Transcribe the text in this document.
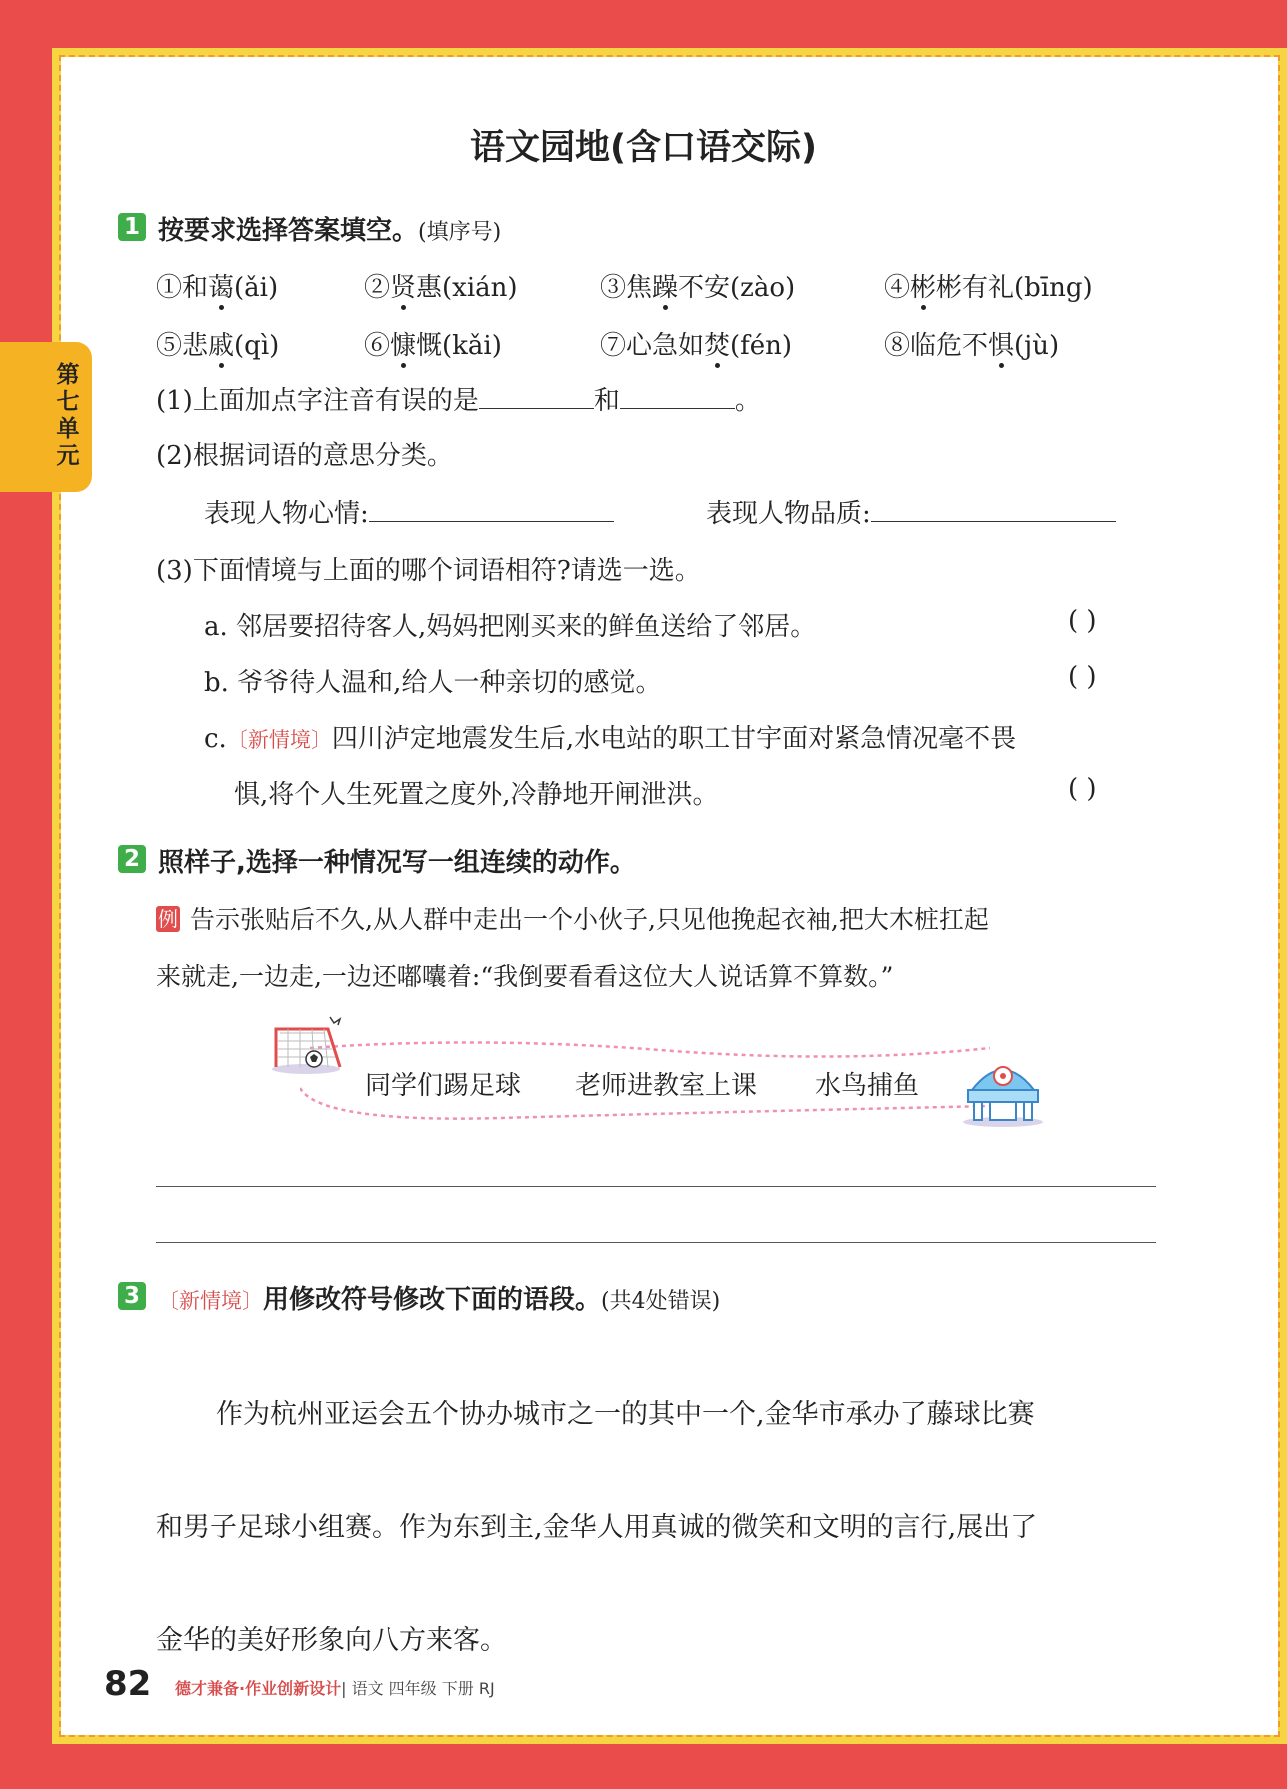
第七单元
语文园地(含口语交际)
1 按要求选择答案填空。(填序号)
①和蔼(ǎi)	②贤惠(xián)	③焦躁不安(zào)	④彬彬有礼(bīng)
⑤悲戚(qì)	⑥慷慨(kǎi)	⑦心急如焚(fén)	⑧临危不惧(jù)
(1)上面加点字注音有误的是	和	。
(2)根据词语的意思分类。
表现人物心情:	表现人物品质:
(3)下面情境与上面的哪个词语相符?请选一选。
a. 邻居要招待客人,妈妈把刚买来的鲜鱼送给了邻居。	( )
b. 爷爷待人温和,给人一种亲切的感觉。	( )
c.〔新情境〕四川泸定地震发生后,水电站的职工甘宇面对紧急情况毫不畏
惧,将个人生死置之度外,冷静地开闸泄洪。	( )
2 照样子,选择一种情况写一组连续的动作。
例 告示张贴后不久,从人群中走出一个小伙子,只见他挽起衣袖,把大木桩扛起
来就走,一边走,一边还嘟囔着:“我倒要看看这位大人说话算不算数。”
同学们踢足球 老师进教室上课 水鸟捕鱼
3 〔新情境〕用修改符号修改下面的语段。(共4处错误)
作为杭州亚运会五个协办城市之一的其中一个,金华市承办了藤球比赛
和男子足球小组赛。作为东到主,金华人用真诚的微笑和文明的言行,展出了
金华的美好形象向八方来客。
82 德才兼备·作业创新设计| 语文 四年级 下册 RJ
